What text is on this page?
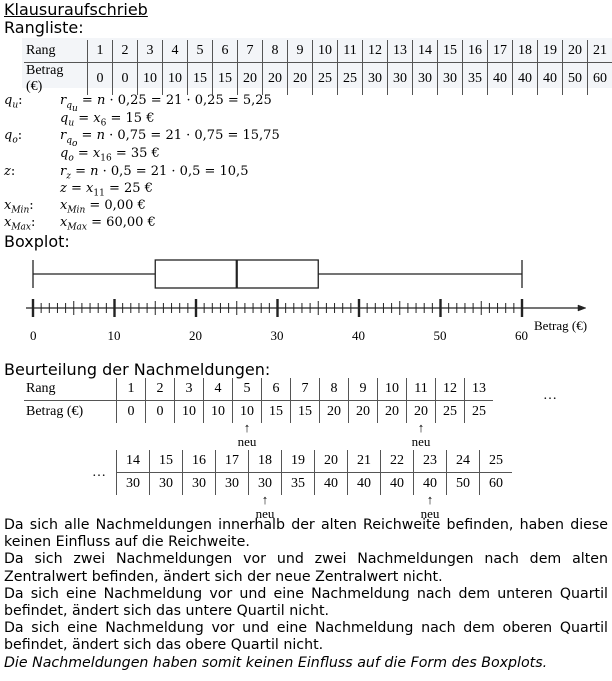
Klausuraufschrieb
Rangliste:
Rang	1	2	3	4	5	6	7	8	9	10	11	12	13	14	15	16	17	18	19	20	21
Betrag (€)	0	0	10	10	15	15	20	20	20	25	25	30	30	30	30	35	40	40	40	50	60
$q_u$:	$r_{q_u} = n \cdot 0,25 = 21 \cdot 0,25 = 5,25$
$q_u = x_6 = 15$ €
$q_o$:	$r_{q_o} = n \cdot 0,75 = 21 \cdot 0,75 = 15,75$
$q_o = x_{16} = 35$ €
z:	$r_z = n \cdot 0,5 = 21 \cdot 0,5 = 10,5$
$z = x_{11} = 25$ €
$x_{Min}$: $x_{Min} = 0,00$ €
$x_{Max}$: $x_{Max} = 60,00$ €
Boxplot:
Betrag (€)
0	10	20	30	40	50	60
Beurteilung der Nachmeldungen:
Rang	1	2	3	4	5	6	7	8	9	10	11	12	13
Betrag (€)	0	0	10	10	10	15	15	20	20	20	20	25	25
…
…
14	15	16	17	18	19	20	21	22	23	24	25
30	30	30	30	30	35	40	40	40	40	50	60
↑
neu
↑
neu
↑
neu
↑
neu

Da sich alle Nachmeldungen innerhalb der alten Reichweite befinden, haben diese keinen Einfluss auf die Reichweite.

Da sich zwei Nachmeldungen vor und zwei Nachmeldungen nach dem alten Zentralwert befinden, ändert sich der neue Zentralwert nicht.

Da sich eine Nachmeldung vor und eine Nachmeldung nach dem unteren Quartil befindet, ändert sich das untere Quartil nicht.

Da sich eine Nachmeldung vor und eine Nachmeldung nach dem oberen Quartil befindet, ändert sich das obere Quartil nicht.

Die Nachmeldungen haben somit keinen Einfluss auf die Form des Boxplots.
